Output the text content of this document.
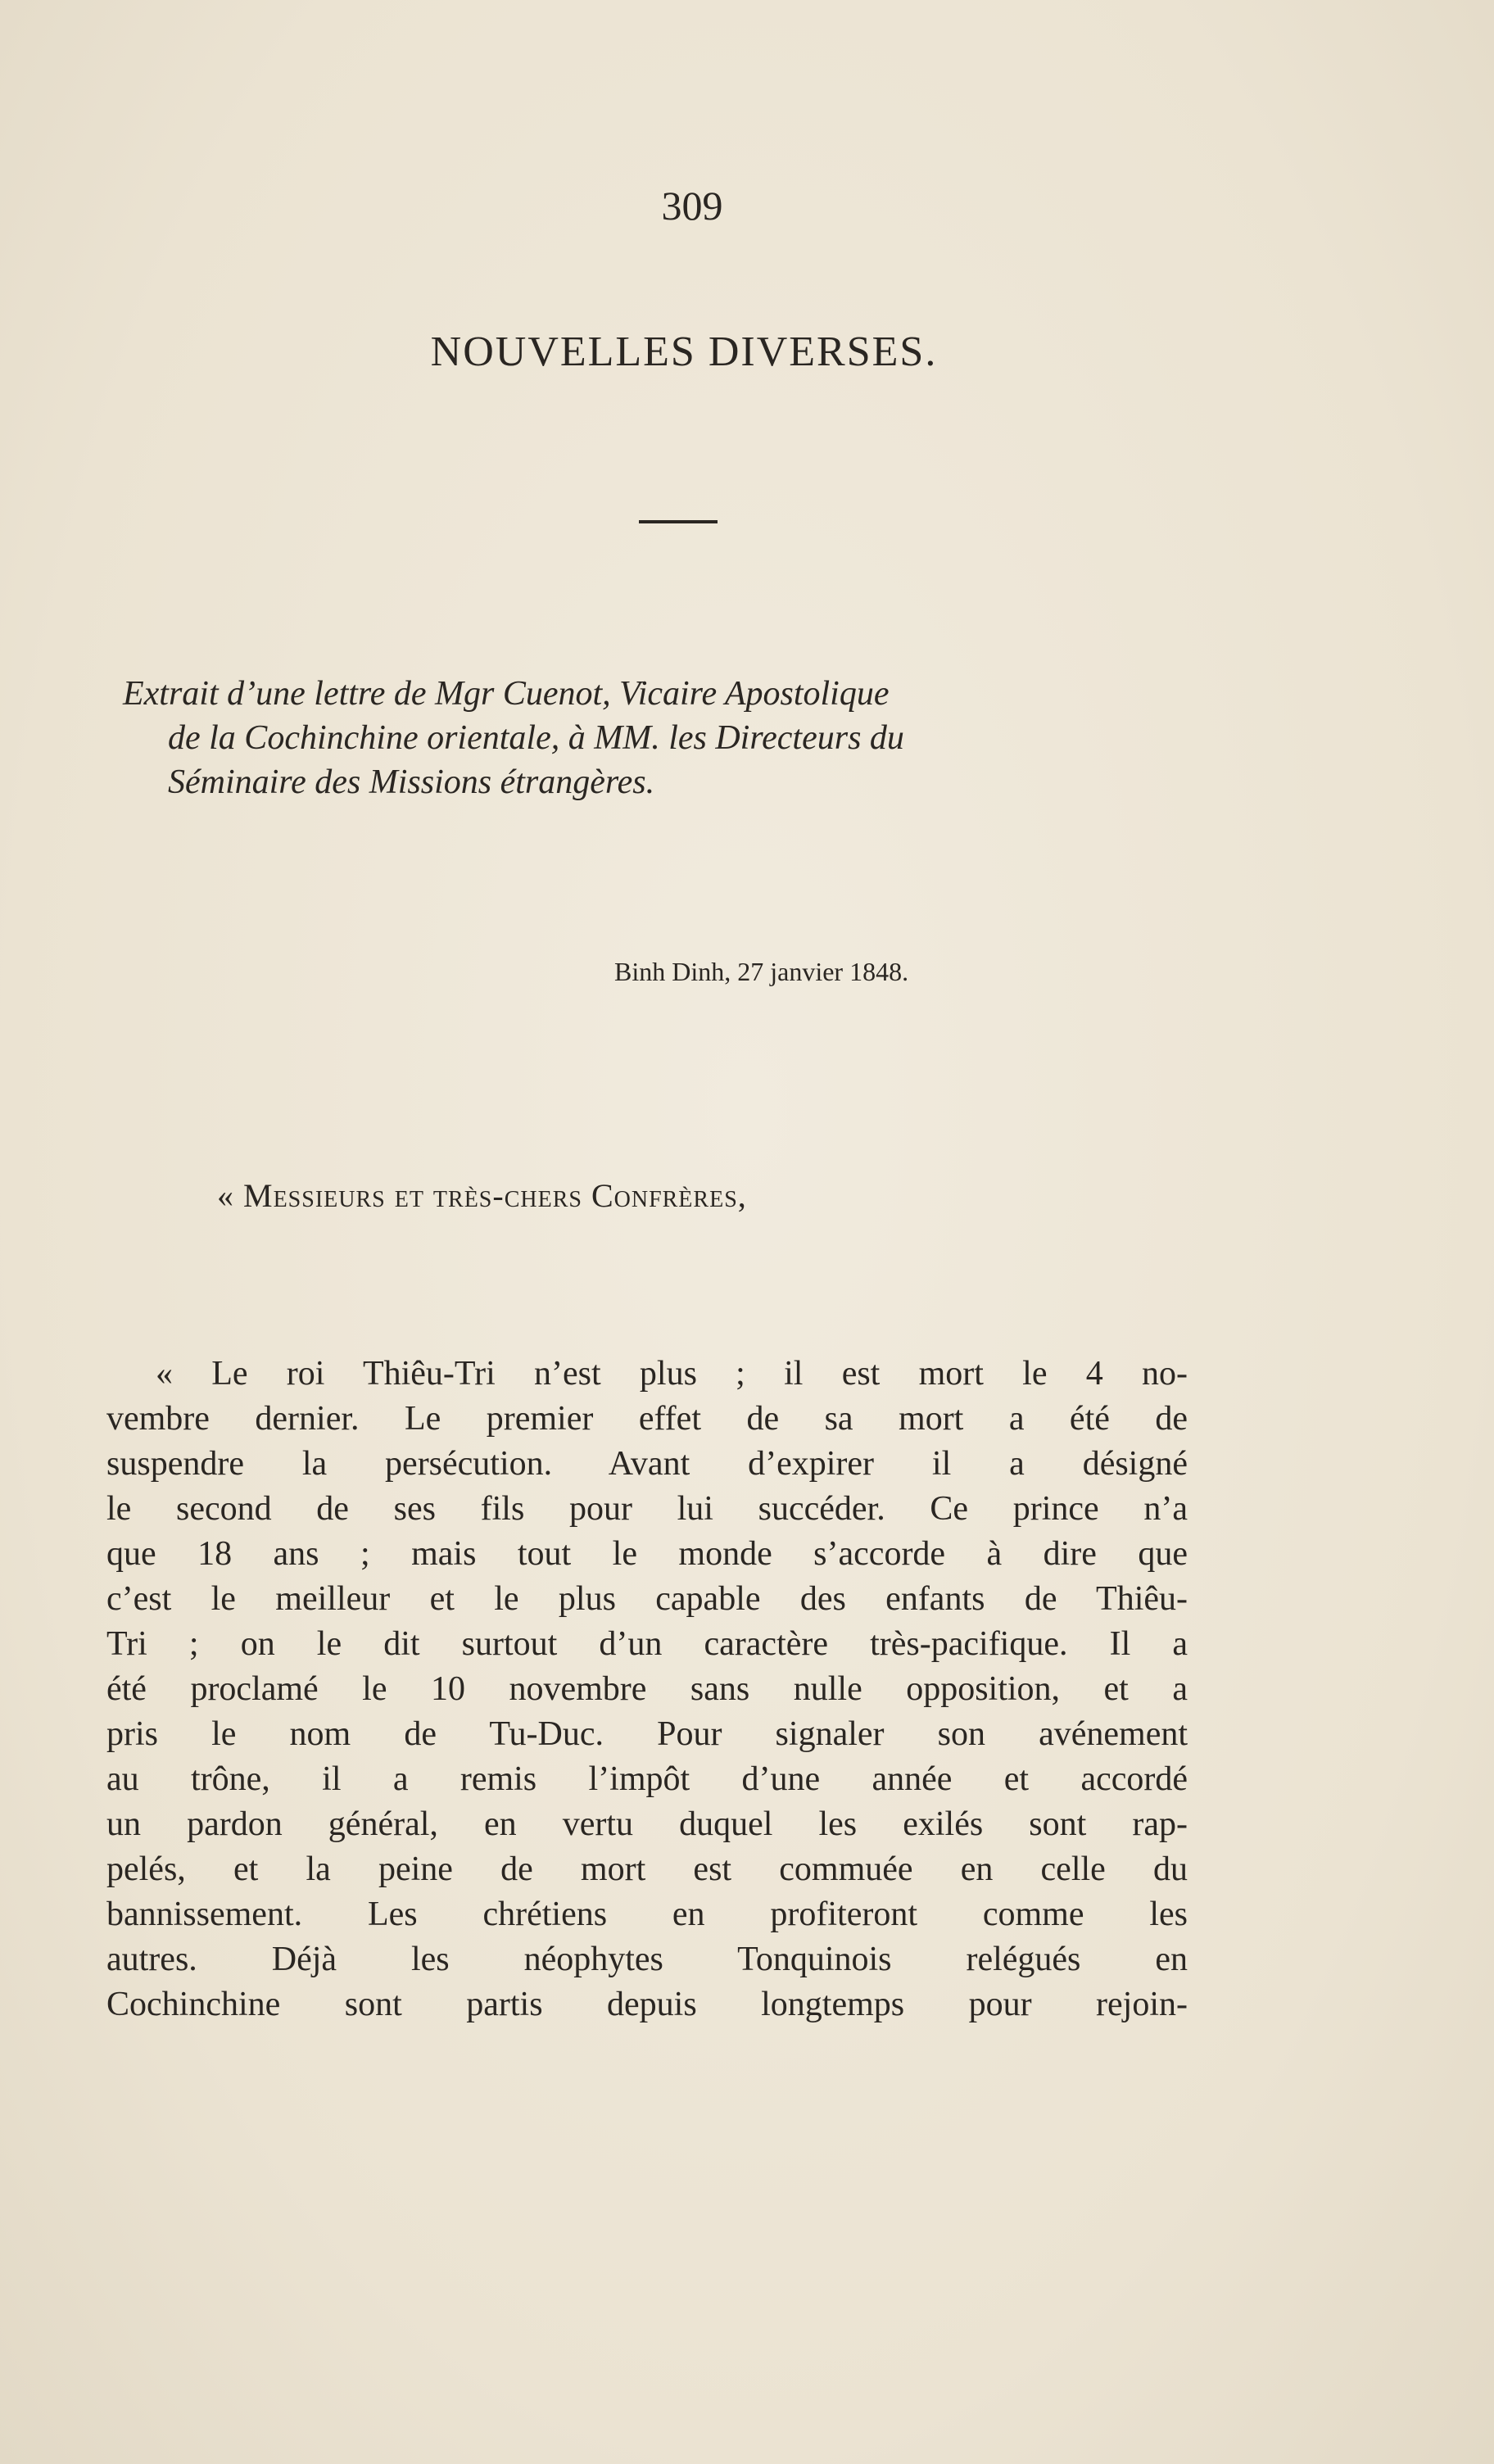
309
NOUVELLES DIVERSES.
Extrait d’une lettre de Mgr Cuenot, Vicaire Apostolique
de la Cochinchine orientale, à MM. les Directeurs du
Séminaire des Missions étrangères.
Binh Dinh, 27 janvier 1848.
« Messieurs et très-chers Confrères,
« Le roi Thiêu-Tri n’est plus ; il est mort le 4 no-
vembre dernier. Le premier effet de sa mort a été de
suspendre la persécution. Avant d’expirer il a désigné
le second de ses fils pour lui succéder. Ce prince n’a
que 18 ans ; mais tout le monde s’accorde à dire que
c’est le meilleur et le plus capable des enfants de Thiêu-
Tri ; on le dit surtout d’un caractère très-pacifique. Il a
été proclamé le 10 novembre sans nulle opposition, et a
pris le nom de Tu-Duc. Pour signaler son avénement
au trône, il a remis l’impôt d’une année et accordé
un pardon général, en vertu duquel les exilés sont rap-
pelés, et la peine de mort est commuée en celle du
bannissement. Les chrétiens en profiteront comme les
autres. Déjà les néophytes Tonquinois relégués en
Cochinchine sont partis depuis longtemps pour rejoin-
